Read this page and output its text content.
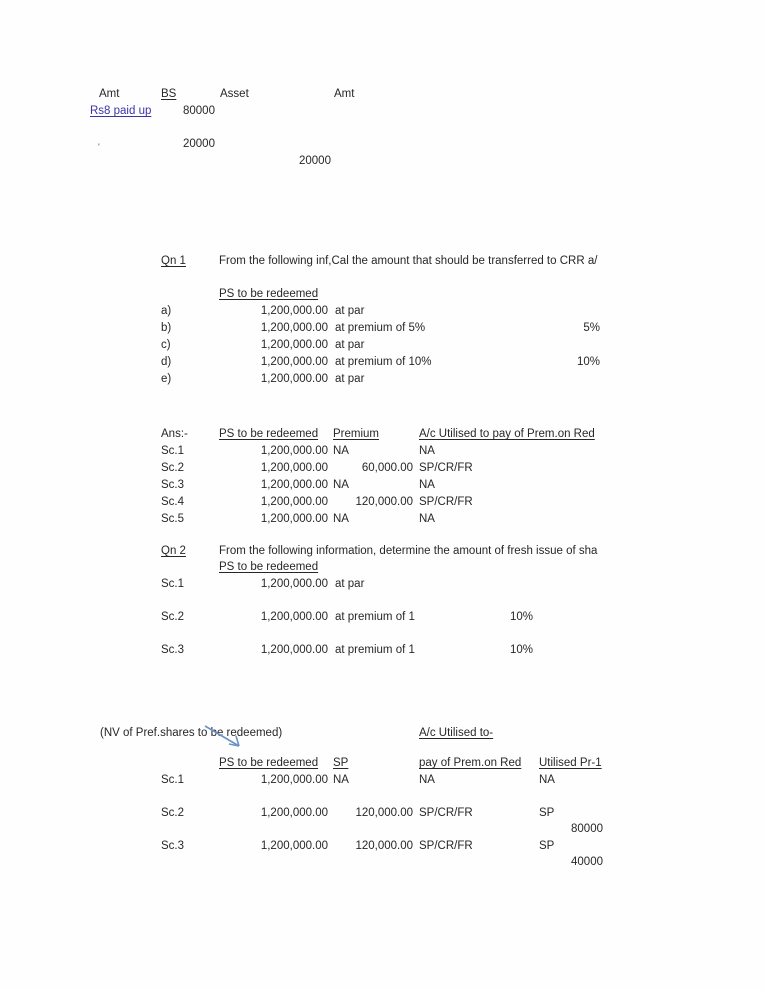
Amt	BS	Asset	Amt
Rs8 paid up	80000
'	20000
20000
Qn 1	From the following inf,Cal the amount that should be transferred to CRR a/
PS to be redeemed
a)	1,200,000.00 at par
b)	1,200,000.00 at premium of 5%	5%
c)	1,200,000.00 at par
d)	1,200,000.00 at premium of 10%	10%
e)	1,200,000.00 at par
Ans:-	PS to be redeemed Premium	A/c Utilised to pay of Prem.on Red
Sc.1	1,200,000.00 NA	NA
Sc.2	1,200,000.00	60,000.00 SP/CR/FR
Sc.3	1,200,000.00 NA	NA
Sc.4	1,200,000.00	120,000.00 SP/CR/FR
Sc.5	1,200,000.00 NA	NA
Qn 2	From the following information, determine the amount of fresh issue of sha
PS to be redeemed
Sc.1	1,200,000.00 at par
Sc.2	1,200,000.00 at premium of 1	10%
Sc.3	1,200,000.00 at premium of 1	10%
(NV of Pref.shares to be redeemed)	A/c Utilised to-
PS to be redeemed SP	pay of Prem.on Red Utilised Pr-1
Sc.1	1,200,000.00 NA	NA	NA
Sc.2	1,200,000.00	120,000.00 SP/CR/FR	SP
80000
Sc.3	1,200,000.00	120,000.00 SP/CR/FR	SP
40000
